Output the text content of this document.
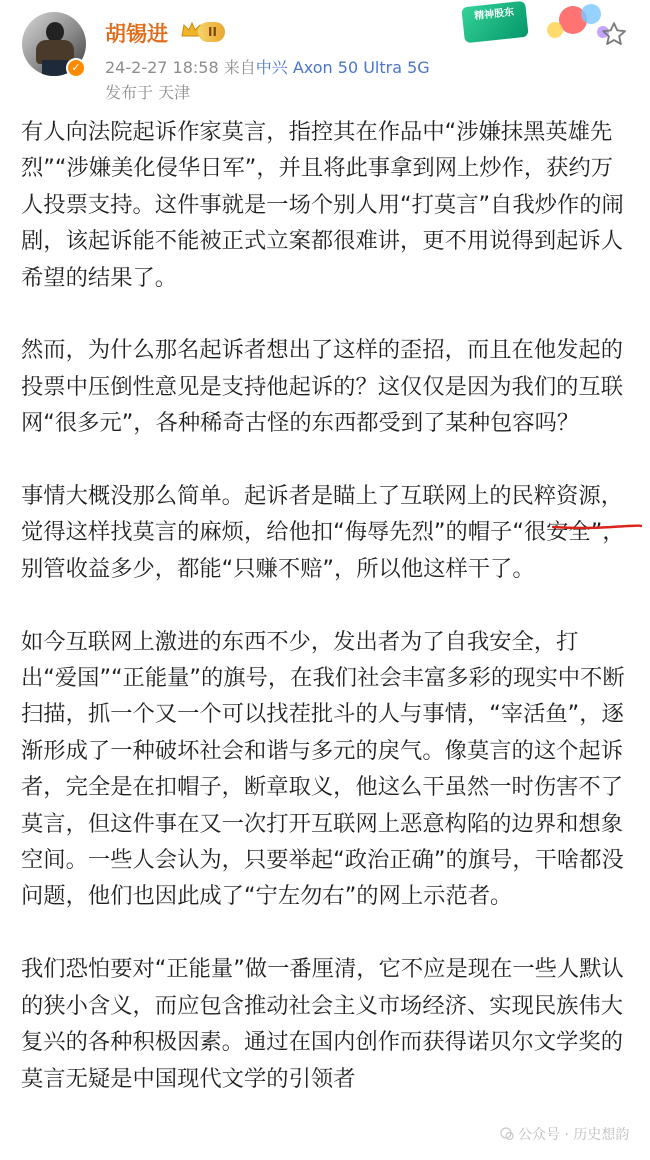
✓
胡锡进	II
24-2-27 18:58 来自中兴 Axon 50 Ultra 5G
发布于 天津
精神股东

有人向法院起诉作家莫言，指控其在作品中“涉嫌抹黑英雄先烈”“涉嫌美化侵华日军”，并且将此事拿到网上炒作，获约万人投票支持。这件事就是一场个别人用“打莫言”自我炒作的闹剧，该起诉能不能被正式立案都很难讲，更不用说得到起诉人希望的结果了。

然而，为什么那名起诉者想出了这样的歪招，而且在他发起的投票中压倒性意见是支持他起诉的？这仅仅是因为我们的互联网“很多元”，各种稀奇古怪的东西都受到了某种包容吗？

事情大概没那么简单。起诉者是瞄上了互联网上的民粹资源，觉得这样找莫言的麻烦，给他扣“侮辱先烈”的帽子“很安全”，别管收益多少，都能“只赚不赔”，所以他这样干了。

如今互联网上激进的东西不少，发出者为了自我安全，打出“爱国”“正能量”的旗号，在我们社会丰富多彩的现实中不断扫描，抓一个又一个可以找茬批斗的人与事情，“宰活鱼”，逐渐形成了一种破坏社会和谐与多元的戾气。像莫言的这个起诉者，完全是在扣帽子，断章取义，他这么干虽然一时伤害不了莫言，但这件事在又一次打开互联网上恶意构陷的边界和想象空间。一些人会认为，只要举起“政治正确”的旗号，干啥都没问题，他们也因此成了“宁左勿右”的网上示范者。

我们恐怕要对“正能量”做一番厘清，它不应是现在一些人默认的狭小含义，而应包含推动社会主义市场经济、实现民族伟大复兴的各种积极因素。通过在国内创作而获得诺贝尔文学奖的莫言无疑是中国现代文学的引领者

公众号 · 历史想韵
